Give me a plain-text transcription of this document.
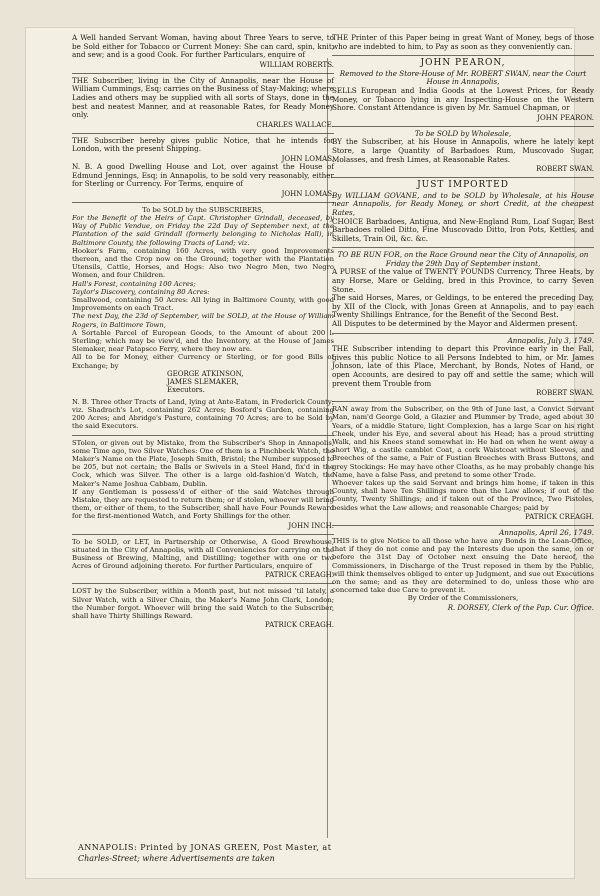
A Well handed Servant Woman, having about Three Years to serve, to be Sold either for Tobacco or Current Money: She can card, spin, knit, and sew; and is a good Cook. For further Particulars, enquire of

WILLIAM ROBERTS.

THE Subscriber, living in the City of Annapolis, near the House of William Cummings, Esq; carries on the Business of Stay-Making; where Ladies and others may be supplied with all sorts of Stays, done in the best and neatest Manner, and at reasonable Rates, for Ready Money only.

CHARLES WALLACE.

THE Subscriber hereby gives public Notice, that he intends for London, with the present Shipping.

JOHN LOMAS.

N. B. A good Dwelling House and Lot, over against the House of Edmund Jennings, Esq; in Annapolis, to be sold very reasonably, either for Sterling or Currency. For Terms, enquire of

JOHN LOMAS.
To be SOLD by the SUBSCRIBERS,

For the Benefit of the Heirs of Capt. Christopher Grindall, deceased, by Way of Public Vendue, on Friday the 22d Day of September next, at the Plantation of the said Grindall (formerly belonging to Nicholas Hall), in Baltimore County, the following Tracts of Land; viz.

Hooker's Farm, containing 160 Acres, with very good Improvements thereon, and the Crop now on the Ground; together with the Plantation Utensils, Cattle, Horses, and Hogs: Also two Negro Men, two Negro Women, and four Children.

Hall's Forest, containing 100 Acres;

Taylor's Discovery, containing 80 Acres:

Smallwood, containing 50 Acres: All lying in Baltimore County, with good Improvements on each Tract.

The next Day, the 23d of September, will be SOLD, at the House of William Rogers, in Baltimore Town,

A Sortable Parcel of European Goods, to the Amount of about 200 l. Sterling; which may be view'd, and the Inventory, at the House of James Slemaker, near Patapsco Ferry, where they now are.

All to be for Money, either Currency or Sterling, or for good Bills of Exchange; by

GEORGE ATKINSON,
JAMES SLEMAKER,
Executors.

N. B. Three other Tracts of Land, lying at Ante-Eatam, in Frederick County; viz. Shadrach's Lot, containing 262 Acres; Bosford's Garden, containing 200 Acres; and Abridge's Pasture, containing 70 Acres; are to be Sold by the said Executors.

STolen, or given out by Mistake, from the Subscriber's Shop in Annapolis, some Time ago, two Silver Watches: One of them is a Pinchbeck Watch, the Maker's Name on the Plate, Joseph Smith, Bristol; the Number supposed to be 205, but not certain; the Balls or Swivels in a Steel Hand, fix'd in the Cock, which was Silver. The other is a large old-fashion'd Watch, the Maker's Name Joshua Cabbam, Dublin.

If any Gentleman is possess'd of either of the said Watches through Mistake, they are requested to return them; or if stolen, whoever will bring them, or either of them, to the Subscriber, shall have Four Pounds Reward for the first-mentioned Watch, and Forty Shillings for the other.

JOHN INCH.

To be SOLD, or LET, in Partnership or Otherwise, A Good Brewhouse, situated in the City of Annapolis, with all Conveniencies for carrying on the Business of Brewing, Malting, and Distilling; together with one or two Acres of Ground adjoining thereto. For further Particulars, enquire of

PATRICK CREAGH.

LOST by the Subscriber, within a Month past, but not missed 'til lately, a Silver Watch, with a Silver Chain, the Maker's Name John Clark, London; the Number forgot. Whoever will bring the said Watch to the Subscriber, shall have Thirty Shillings Reward.

PATRICK CREAGH.

THE Printer of this Paper being in great Want of Money, begs of those who are indebted to him, to Pay as soon as they conveniently can.

JOHN PEARON,

Removed to the Store-House of Mr. ROBERT SWAN, near the Court House in Annapolis,

SELLS European and India Goods at the Lowest Prices, for Ready Money, or Tobacco lying in any Inspecting-House on the Western Shore. Constant Attendance is given by Mr. Samuel Chapman, or

JOHN PEARON.
To be SOLD by Wholesale,

BY the Subscriber, at his House in Annapolis, where he lately kept Store, a large Quantity of Barbadoes Rum, Muscovado Sugar, Molasses, and fresh Limes, at Reasonable Rates.

ROBERT SWAN.
JUST IMPORTED

By WILLIAM GOVANE, and to be SOLD by Wholesale, at his House near Annapolis, for Ready Money, or short Credit, at the cheapest Rates,

CHOICE Barbadoes, Antigua, and New-England Rum, Loaf Sugar, Best Barbadoes rolled Ditto, Fine Muscovado Ditto, Iron Pots, Kettles, and Skillets, Train Oil, &c. &c.

TO BE RUN FOR, on the Race Ground near the City of Annapolis, on Friday the 29th Day of September instant,

A PURSE of the value of TWENTY POUNDS Currency, Three Heats, by any Horse, Mare or Gelding, bred in this Province, to carry Seven Stone.

The said Horses, Mares, or Geldings, to be entered the preceding Day, by XII of the Clock, with Jonas Green at Annapolis, and to pay each Twenty Shillings Entrance, for the Benefit of the Second Best.

All Disputes to be determined by the Mayor and Aldermen present.

Annapolis, July 3, 1749.

THE Subscriber intending to depart this Province early in the Fall, gives this public Notice to all Persons Indebted to him, or Mr. James Johnson, late of this Place, Merchant, by Bonds, Notes of Hand, or open Accounts, are desired to pay off and settle the same; which will prevent them Trouble from

ROBERT SWAN.

RAN away from the Subscriber, on the 9th of June last, a Convict Servant Man, nam'd George Gold, a Glazier and Plummer by Trade, aged about 30 Years, of a middle Stature, light Complexion, has a large Scar on his right Cheek, under his Eye, and several about his Head; has a proud strutting Walk, and his Knees stand somewhat in: He had on when he went away a short Wig, a castile camblet Coat, a cork Waistcoat without Sleeves, and Breeches of the same, a Pair of Fustian Breeches with Brass Buttons, and grey Stockings: He may have other Cloaths, as he may probably change his Name, have a false Pass, and pretend to some other Trade.

Whoever takes up the said Servant and brings him home, if taken in this County, shall have Ten Shillings more than the Law allows; if out of the County, Twenty Shillings; and if taken out of the Province, Two Pistoles, besides what the Law allows; and reasonable Charges; paid by

PATRICK CREAGH.

Annapolis, April 26, 1749.

THIS is to give Notice to all those who have any Bonds in the Loan-Office, that if they do not come and pay the Interests due upon the same, on or before the 31st Day of October next ensuing the Date hereof, the Commissioners, in Discharge of the Trust reposed in them by the Public, will think themselves obliged to enter up Judgment, and sue out Executions on the same; and as they are determined to do, unless those who are concerned take due Care to prevent it.

By Order of the Commissioners,
R. DORSEY, Clerk of the Pap. Cur. Office.
ANNAPOLIS: Printed by JONAS GREEN, Post Master, at
Charles-Street; where Advertisements are taken
